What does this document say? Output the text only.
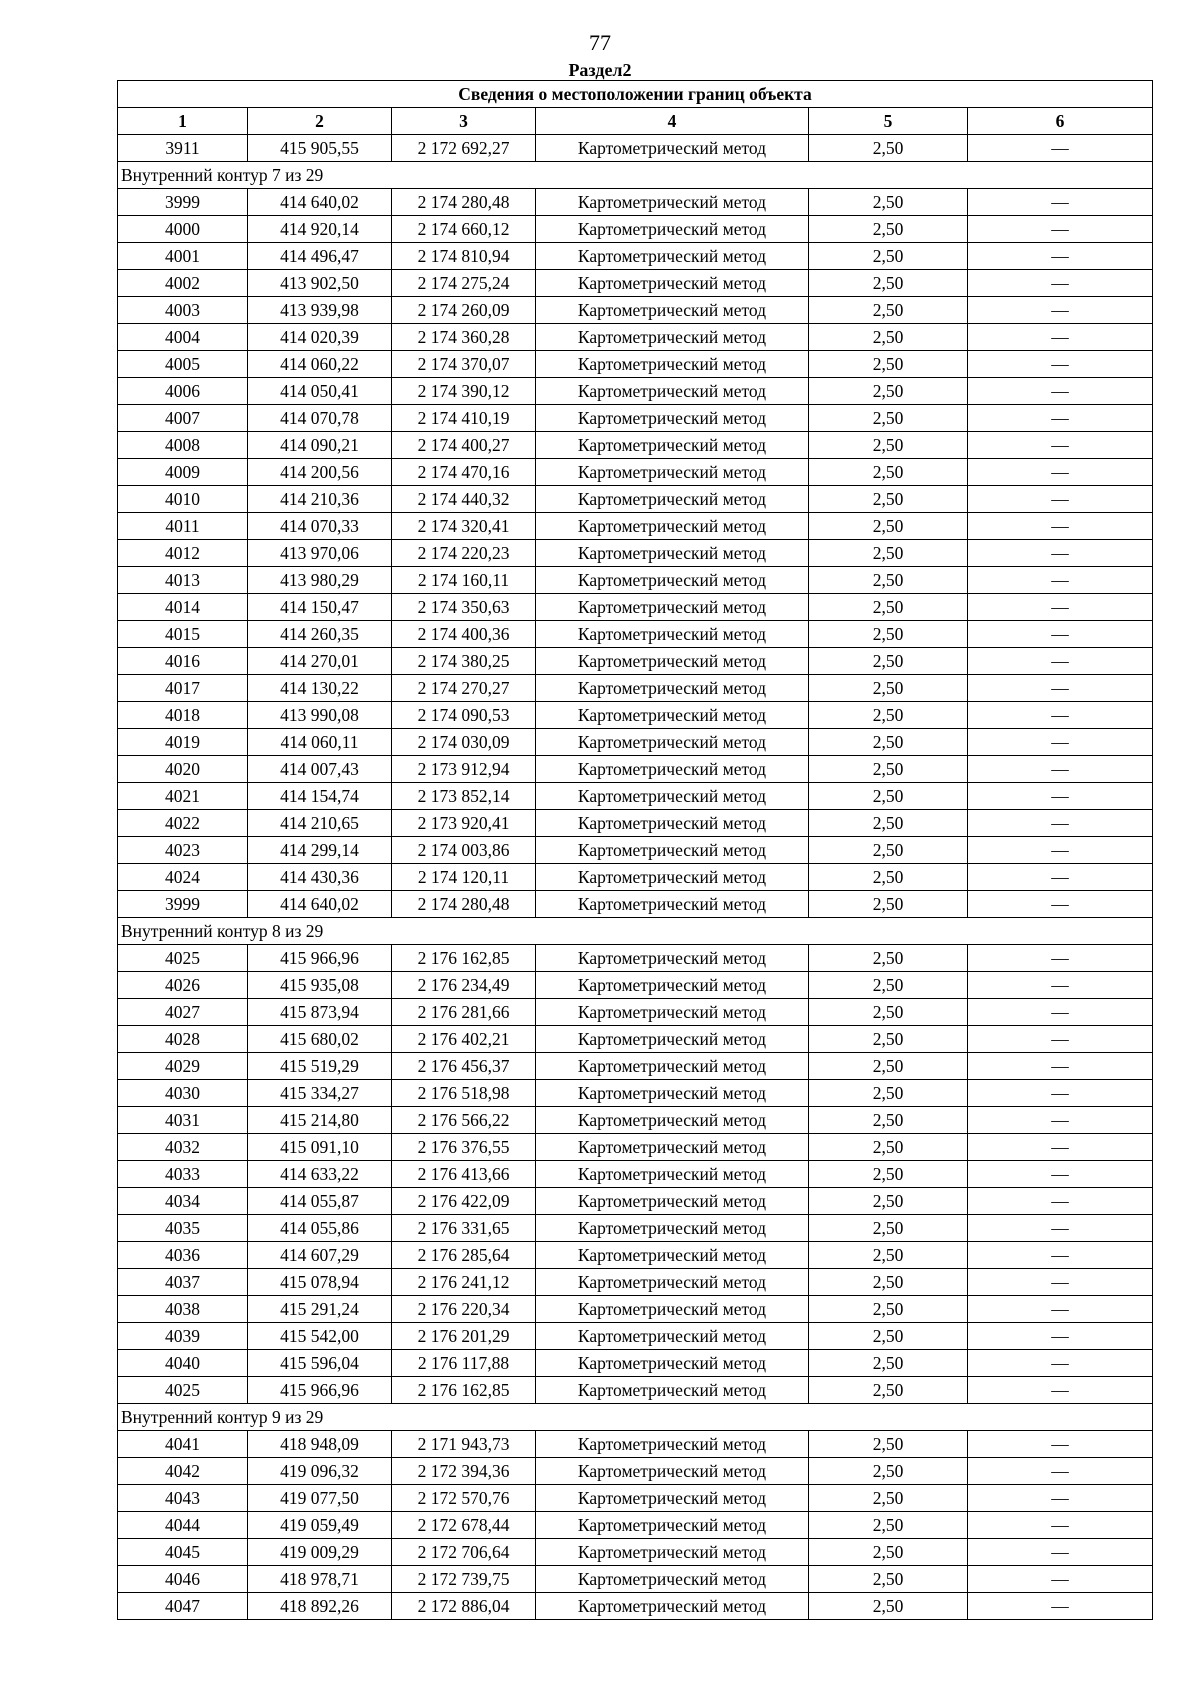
77
Раздел2
Сведения о местоположении границ объекта					
1	2	3	4	5	6
3911	415 905,55	2 172 692,27	Картометрический метод	2,50	—
Внутренний контур 7 из 29					
3999	414 640,02	2 174 280,48	Картометрический метод	2,50	—
4000	414 920,14	2 174 660,12	Картометрический метод	2,50	—
4001	414 496,47	2 174 810,94	Картометрический метод	2,50	—
4002	413 902,50	2 174 275,24	Картометрический метод	2,50	—
4003	413 939,98	2 174 260,09	Картометрический метод	2,50	—
4004	414 020,39	2 174 360,28	Картометрический метод	2,50	—
4005	414 060,22	2 174 370,07	Картометрический метод	2,50	—
4006	414 050,41	2 174 390,12	Картометрический метод	2,50	—
4007	414 070,78	2 174 410,19	Картометрический метод	2,50	—
4008	414 090,21	2 174 400,27	Картометрический метод	2,50	—
4009	414 200,56	2 174 470,16	Картометрический метод	2,50	—
4010	414 210,36	2 174 440,32	Картометрический метод	2,50	—
4011	414 070,33	2 174 320,41	Картометрический метод	2,50	—
4012	413 970,06	2 174 220,23	Картометрический метод	2,50	—
4013	413 980,29	2 174 160,11	Картометрический метод	2,50	—
4014	414 150,47	2 174 350,63	Картометрический метод	2,50	—
4015	414 260,35	2 174 400,36	Картометрический метод	2,50	—
4016	414 270,01	2 174 380,25	Картометрический метод	2,50	—
4017	414 130,22	2 174 270,27	Картометрический метод	2,50	—
4018	413 990,08	2 174 090,53	Картометрический метод	2,50	—
4019	414 060,11	2 174 030,09	Картометрический метод	2,50	—
4020	414 007,43	2 173 912,94	Картометрический метод	2,50	—
4021	414 154,74	2 173 852,14	Картометрический метод	2,50	—
4022	414 210,65	2 173 920,41	Картометрический метод	2,50	—
4023	414 299,14	2 174 003,86	Картометрический метод	2,50	—
4024	414 430,36	2 174 120,11	Картометрический метод	2,50	—
3999	414 640,02	2 174 280,48	Картометрический метод	2,50	—
Внутренний контур 8 из 29					
4025	415 966,96	2 176 162,85	Картометрический метод	2,50	—
4026	415 935,08	2 176 234,49	Картометрический метод	2,50	—
4027	415 873,94	2 176 281,66	Картометрический метод	2,50	—
4028	415 680,02	2 176 402,21	Картометрический метод	2,50	—
4029	415 519,29	2 176 456,37	Картометрический метод	2,50	—
4030	415 334,27	2 176 518,98	Картометрический метод	2,50	—
4031	415 214,80	2 176 566,22	Картометрический метод	2,50	—
4032	415 091,10	2 176 376,55	Картометрический метод	2,50	—
4033	414 633,22	2 176 413,66	Картометрический метод	2,50	—
4034	414 055,87	2 176 422,09	Картометрический метод	2,50	—
4035	414 055,86	2 176 331,65	Картометрический метод	2,50	—
4036	414 607,29	2 176 285,64	Картометрический метод	2,50	—
4037	415 078,94	2 176 241,12	Картометрический метод	2,50	—
4038	415 291,24	2 176 220,34	Картометрический метод	2,50	—
4039	415 542,00	2 176 201,29	Картометрический метод	2,50	—
4040	415 596,04	2 176 117,88	Картометрический метод	2,50	—
4025	415 966,96	2 176 162,85	Картометрический метод	2,50	—
Внутренний контур 9 из 29					
4041	418 948,09	2 171 943,73	Картометрический метод	2,50	—
4042	419 096,32	2 172 394,36	Картометрический метод	2,50	—
4043	419 077,50	2 172 570,76	Картометрический метод	2,50	—
4044	419 059,49	2 172 678,44	Картометрический метод	2,50	—
4045	419 009,29	2 172 706,64	Картометрический метод	2,50	—
4046	418 978,71	2 172 739,75	Картометрический метод	2,50	—
4047	418 892,26	2 172 886,04	Картометрический метод	2,50	—
